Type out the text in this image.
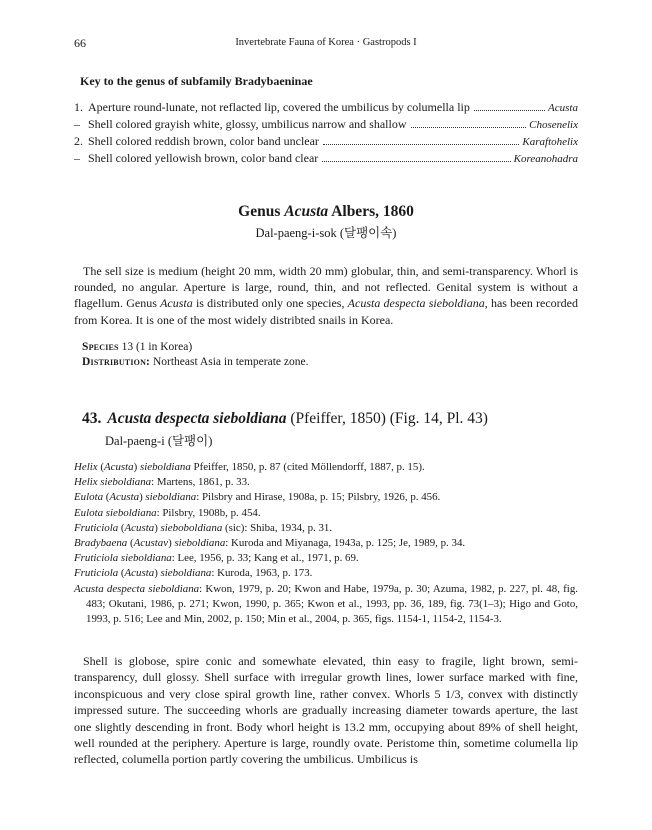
66	Invertebrate Fauna of Korea · Gastropods I
Key to the genus of subfamily Bradybaeninae
1. Aperture round-lunate, not reflacted lip, covered the umbilicus by columella lip	Acusta
– Shell colored grayish white, glossy, umbilicus narrow and shallow	Chosenelix
2. Shell colored reddish brown, color band unclear	Karaftohelix
– Shell colored yellowish brown, color band clear	Koreanohadra
Genus Acusta Albers, 1860
Dal-paeng-i-sok (달팽이속)
The sell size is medium (height 20 mm, width 20 mm) globular, thin, and semi-transparency. Whorl is rounded, no angular. Aperture is large, round, thin, and not reflected. Genital system is without a flagellum. Genus Acusta is distributed only one species, Acusta despecta sieboldiana, has been recorded from Korea. It is one of the most widely distribted snails in Korea.
Species 13 (1 in Korea)
Distribution: Northeast Asia in temperate zone.
43. Acusta despecta sieboldiana (Pfeiffer, 1850) (Fig. 14, Pl. 43)
Dal-paeng-i (달팽이)
Helix (Acusta) sieboldiana Pfeiffer, 1850, p. 87 (cited Möllendorff, 1887, p. 15).
Helix sieboldiana: Martens, 1861, p. 33.
Eulota (Acusta) sieboldiana: Pilsbry and Hirase, 1908a, p. 15; Pilsbry, 1926, p. 456.
Eulota sieboldiana: Pilsbry, 1908b, p. 454.
Fruticiola (Acusta) sieboboldiana (sic): Shiba, 1934, p. 31.
Bradybaena (Acustav) sieboldiana: Kuroda and Miyanaga, 1943a, p. 125; Je, 1989, p. 34.
Fruticiola sieboldiana: Lee, 1956, p. 33; Kang et al., 1971, p. 69.
Fruticiola (Acusta) sieboldiana: Kuroda, 1963, p. 173.
Acusta despecta sieboldiana: Kwon, 1979, p. 20; Kwon and Habe, 1979a, p. 30; Azuma, 1982, p. 227, pl. 48, fig. 483; Okutani, 1986, p. 271; Kwon, 1990, p. 365; Kwon et al., 1993, pp. 36, 189, fig. 73(1–3); Higo and Goto, 1993, p. 516; Lee and Min, 2002, p. 150; Min et al., 2004, p. 365, figs. 1154-1, 1154-2, 1154-3.
Shell is globose, spire conic and somewhate elevated, thin easy to fragile, light brown, semi-transparency, dull glossy. Shell surface with irregular growth lines, lower surface marked with fine, inconspicuous and very close spiral growth line, rather convex. Whorls 5 1/3, convex with distinctly impressed suture. The succeeding whorls are gradually increasing diameter towards aperture, the last one slightly descending in front. Body whorl height is 13.2 mm, occupying about 89% of shell height, well rounded at the periphery. Aperture is large, roundly ovate. Peristome thin, sometime columella lip reflected, columella portion partly covering the umbilicus. Umbilicus is
